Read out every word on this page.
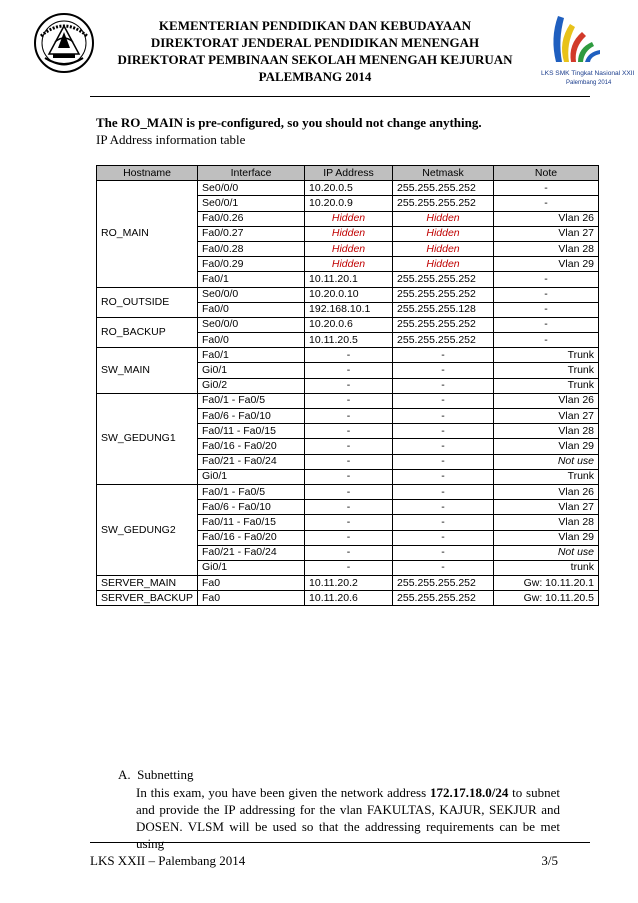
LKS SMK Tingkat Nasional XXII
Palembang 2014
KEMENTERIAN PENDIDIKAN DAN KEBUDAYAAN
DIREKTORAT JENDERAL PENDIDIKAN MENENGAH
DIREKTORAT PEMBINAAN SEKOLAH MENENGAH KEJURUAN
PALEMBANG 2014
The RO_MAIN is pre-configured, so you should not change anything.
IP Address information table
Hostname	Interface	IP Address	Netmask	Note
RO_MAIN	Se0/0/0	10.20.0.5	255.255.255.252	-
	Se0/0/1	10.20.0.9	255.255.255.252	-
	Fa0/0.26	Hidden	Hidden	Vlan 26
	Fa0/0.27	Hidden	Hidden	Vlan 27
	Fa0/0.28	Hidden	Hidden	Vlan 28
	Fa0/0.29	Hidden	Hidden	Vlan 29
	Fa0/1	10.11.20.1	255.255.255.252	-
RO_OUTSIDE	Se0/0/0	10.20.0.10	255.255.255.252	-
	Fa0/0	192.168.10.1	255.255.255.128	-
RO_BACKUP	Se0/0/0	10.20.0.6	255.255.255.252	-
	Fa0/0	10.11.20.5	255.255.255.252	-
SW_MAIN	Fa0/1	-	-	Trunk
	Gi0/1	-	-	Trunk
	Gi0/2	-	-	Trunk
SW_GEDUNG1	Fa0/1 - Fa0/5	-	-	Vlan 26
	Fa0/6 - Fa0/10	-	-	Vlan 27
	Fa0/11 - Fa0/15	-	-	Vlan 28
	Fa0/16 - Fa0/20	-	-	Vlan 29
	Fa0/21 - Fa0/24	-	-	Not use
	Gi0/1	-	-	Trunk
SW_GEDUNG2	Fa0/1 - Fa0/5	-	-	Vlan 26
	Fa0/6 - Fa0/10	-	-	Vlan 27
	Fa0/11 - Fa0/15	-	-	Vlan 28
	Fa0/16 - Fa0/20	-	-	Vlan 29
	Fa0/21 - Fa0/24	-	-	Not use
	Gi0/1	-	-	trunk
SERVER_MAIN	Fa0	10.11.20.2	255.255.255.252	Gw: 10.11.20.1
SERVER_BACKUP	Fa0	10.11.20.6	255.255.255.252	Gw: 10.11.20.5
A. Subnetting
In this exam, you have been given the network address 172.17.18.0/24 to subnet and provide the IP addressing for the vlan FAKULTAS, KAJUR, SEKJUR and DOSEN. VLSM will be used so that the addressing requirements can be met using
LKS XXII – Palembang 2014	3/5
